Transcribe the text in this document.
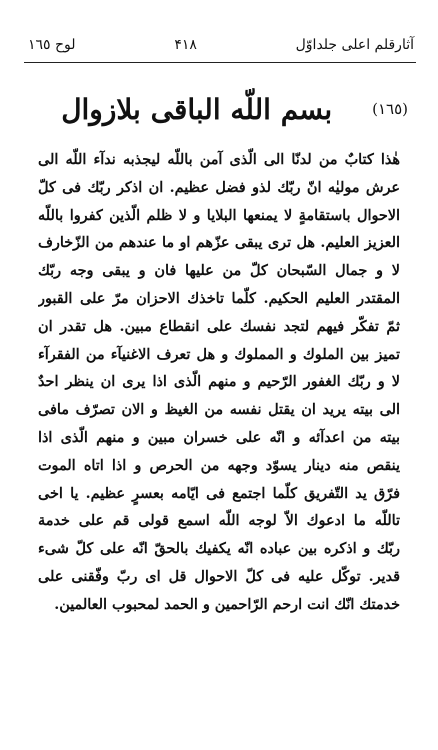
آثارقلم اعلى جلداوّل
۴۱۸
لوح ١٦٥
(١٦٥)
بسم اللّه الباقى بلازوال
هٰذا كتابٌ من لدنّا الى الّذى آمن باللّه ليجذبه ندآء اللّه الى
عرش موليٰه انّ ربّك لذو فضل عظيم. ان اذكر ربّك فى كلّ
الاحوال باستقامةٍ لا يمنعها البلايا و لا ظلم الّذين كفروا باللّه
العزيز العليم. هل ترى يبقى عزّهم او ما عندهم من الزّخارف
لا و جمال السّبحان كلّ من عليها فان و يبقى وجه ربّك
المقتدر العليم الحكيم. كلّما تاخذك الاحزان مرّ على القبور
ثمّ تفكّر فيهم لتجد نفسك على انقطاع مبين. هل تقدر ان
تميز بين الملوك و المملوك و هل تعرف الاغنيآء من الفقرآء
لا و ربّك الغفور الرّحيم و منهم الّذى اذا يرى ان ينظر احدٌ
الى بيته يريد ان يقتل نفسه من الغيظ و الان تصرّف مافى
بيته من اعدآئه و انّه على خسران مبين و منهم الّذى اذا
ينقص منه دينار يسوّد وجهه من الحرص و اذا اتاه الموت
فرّق يد التّفريق كلّما اجتمع فى ايّامه بعسرٍ عظيم. يا اخى
تاللّه ما ادعوك الاّ لوجه اللّه اسمع قولى قم على خدمة
ربّك و اذكره بين عباده انّه يكفيك بالحقّ انّه على كلّ شىء
قدير. توكّل عليه فى كلّ الاحوال قل اى ربّ وفّقنى على
خدمتك انّك انت ارحم الرّاحمين و الحمد لمحبوب العالمين.
